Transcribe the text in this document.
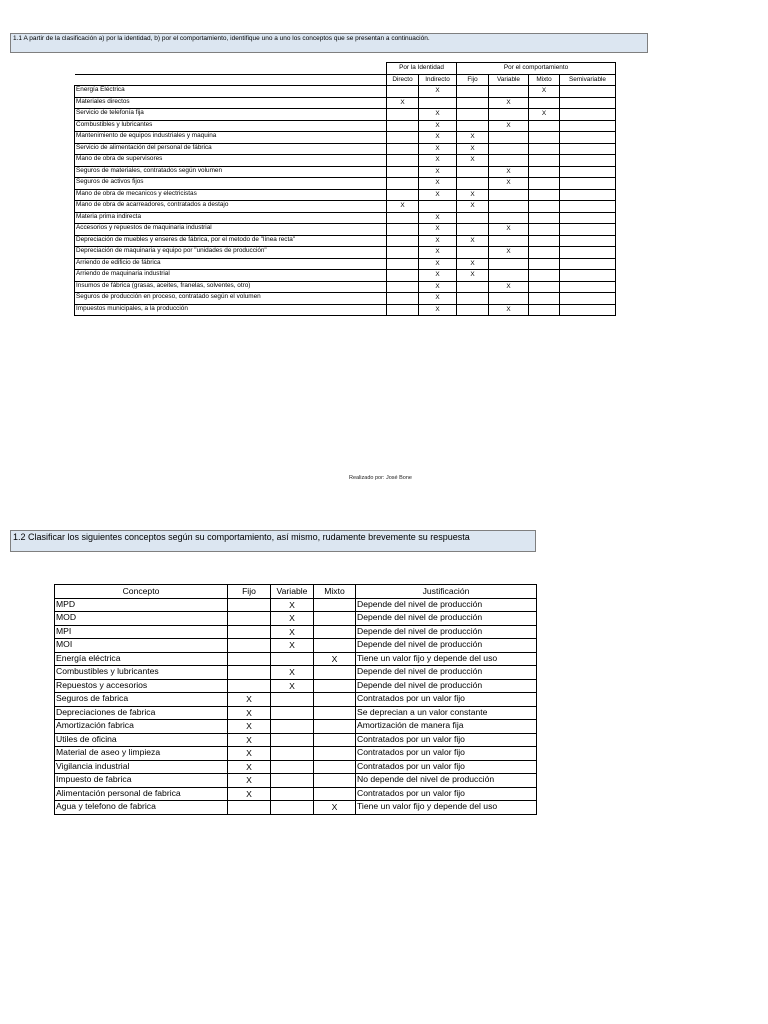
1.1 A partir de la clasificación a) por la identidad, b) por el comportamiento, identifique uno a uno los conceptos que se presentan a continuación.
	Por la Identidad		Por el comportamiento			
	Directo	Indirecto	Fijo	Variable	Mixto	Semivariable
Energía Eléctrica		X			X	
Materiales directos	X			X		
Servicio de telefonía fija		X			X	
Combustibles y lubricantes		X		X		
Mantenimiento de equipos industriales y maquina		X	X			
Servicio de alimentación del personal de fábrica		X	X			
Mano de obra de supervisores		X	X			
Seguros de materiales, contratados según volumen		X		X		
Seguros de activos fijos		X		X		
Mano de obra de mecanicos y electricistas		X	X			
Mano de obra de acarreadores, contratados a destajo	X		X			
Materia prima indirecta		X				
Accesorios y repuestos de maquinaria industrial		X		X		
Depreciación de muebles y enseres de fábrica, por el metodo de "línea recta"		X	X			
Depreciación de maquinaria y equipo por "unidades de producción"		X		X		
Arriendo de edificio de fábrica		X	X			
Arriendo de maquinaria industrial		X	X			
Insumos de fábrica (grasas, aceites, franelas, solventes, otro)		X		X		
Seguros de producción en proceso, contratado según el volumen		X				
Impuestos municipales, a la producción		X		X		
Realizado por: José Bone
1.2 Clasificar los siguientes conceptos según su comportamiento, así mismo, rudamente brevemente su respuesta
Concepto	Fijo	Variable	Mixto	Justificación
MPD		X		Depende del nivel de producción
MOD		X		Depende del nivel de producción
MPI		X		Depende del nivel de producción
MOI		X		Depende del nivel de producción
Energía eléctrica			X	Tiene un valor fijo y depende del uso
Combustibles y lubricantes		X		Depende del nivel de producción
Repuestos y accesorios		X		Depende del nivel de producción
Seguros de fabrica	X			Contratados por un valor fijo
Depreciaciones de fabrica	X			Se deprecian a un valor constante
Amortización fabrica	X			Amortización de manera fija
Utiles de oficina	X			Contratados por un valor fijo
Material de aseo y limpieza	X			Contratados por un valor fijo
Vigilancia industrial	X			Contratados por un valor fijo
Impuesto de fabrica	X			No depende del nivel de producción
Alimentación personal de fabrica	X			Contratados por un valor fijo
Agua y telefono de fabrica			X	Tiene un valor fijo y depende del uso
